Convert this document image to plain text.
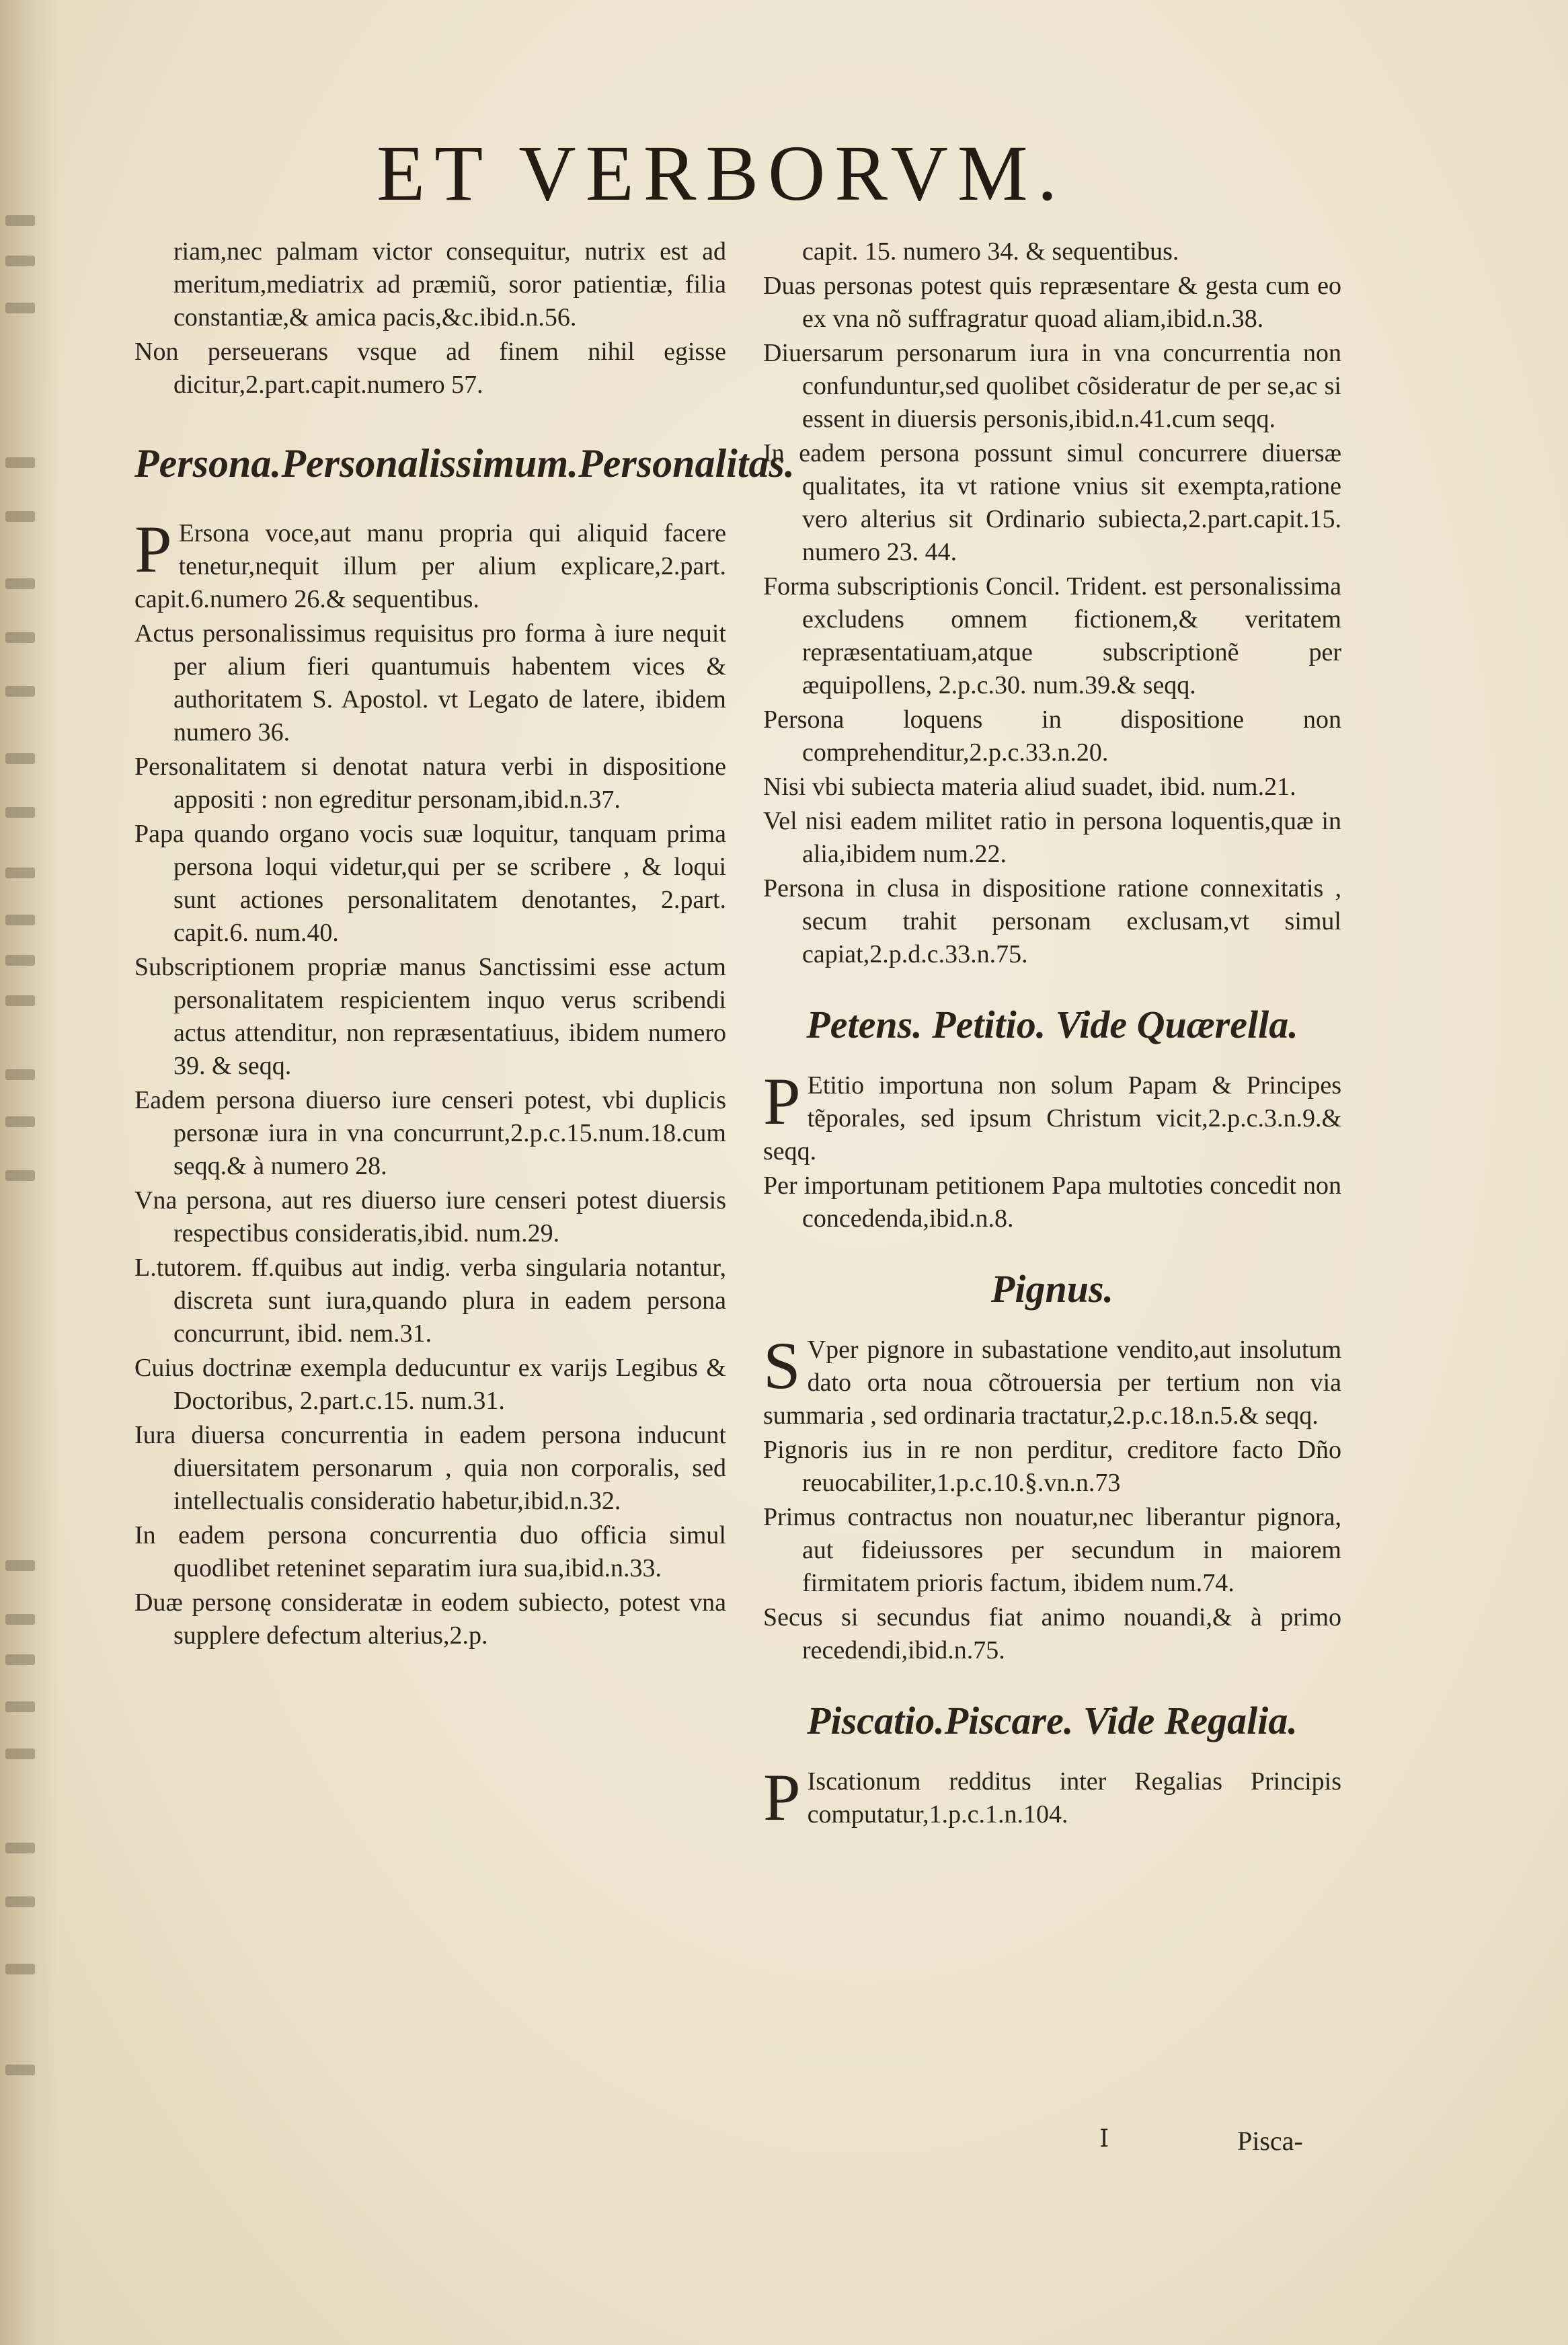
ET VERBORVM.

riam,nec palmam victor consequitur, nutrix est ad meritum,mediatrix ad præmiũ, soror patientiæ, filia constantiæ,& amica pacis,&c.ibid.n.56.

Non perseuerans vsque ad finem nihil egisse dicitur,2.part.capit.numero 57.

Persona.Personalissimum.Personalitas.

P Ersona voce,aut manu propria qui aliquid facere tenetur,nequit illum per alium explicare,2.part. capit.6.numero 26.& sequentibus.

Actus personalissimus requisitus pro forma à iure nequit per alium fieri quantumuis habentem vices & authoritatem S. Apostol. vt Legato de latere, ibidem numero 36.

Personalitatem si denotat natura verbi in dispositione appositi : non egreditur personam,ibid.n.37.

Papa quando organo vocis suæ loquitur, tanquam prima persona loqui videtur,qui per se scribere , & loqui sunt actiones personalitatem denotantes, 2.part. capit.6. num.40.

Subscriptionem propriæ manus Sanctissimi esse actum personalitatem respicientem inquo verus scribendi actus attenditur, non repræsentatiuus, ibidem numero 39. & seqq.

Eadem persona diuerso iure censeri potest, vbi duplicis personæ iura in vna concurrunt,2.p.c.15.num.18.cum seqq.& à numero 28.

Vna persona, aut res diuerso iure censeri potest diuersis respectibus consideratis,ibid. num.29.

L.tutorem. ff.quibus aut indig. verba singularia notantur, discreta sunt iura,quando plura in eadem persona concurrunt, ibid. nem.31.

Cuius doctrinæ exempla deducuntur ex varijs Legibus & Doctoribus, 2.part.c.15. num.31.

Iura diuersa concurrentia in eadem persona inducunt diuersitatem personarum , quia non corporalis, sed intellectualis consideratio habetur,ibid.n.32.

In eadem persona concurrentia duo officia simul quodlibet reteninet separatim iura sua,ibid.n.33.

Duæ personę consideratæ in eodem subiecto, potest vna supplere defectum alterius,2.p.

capit. 15. numero 34. & sequentibus.

Duas personas potest quis repræsentare & gesta cum eo ex vna nõ suffragratur quoad aliam,ibid.n.38.

Diuersarum personarum iura in vna concurrentia non confunduntur,sed quolibet cõsideratur de per se,ac si essent in diuersis personis,ibid.n.41.cum seqq.

In eadem persona possunt simul concurrere diuersæ qualitates, ita vt ratione vnius sit exempta,ratione vero alterius sit Ordinario subiecta,2.part.capit.15. numero 23. 44.

Forma subscriptionis Concil. Trident. est personalissima excludens omnem fictionem,& veritatem repræsentatiuam,atque subscriptionẽ per æquipollens, 2.p.c.30. num.39.& seqq.

Persona loquens in dispositione non comprehenditur,2.p.c.33.n.20.

Nisi vbi subiecta materia aliud suadet, ibid. num.21.

Vel nisi eadem militet ratio in persona loquentis,quæ in alia,ibidem num.22.

Persona in clusa in dispositione ratione connexitatis , secum trahit personam exclusam,vt simul capiat,2.p.d.c.33.n.75.

Petens. Petitio. Vide Quærella.

P Etitio importuna non solum Papam & Principes tẽporales, sed ipsum Christum vicit,2.p.c.3.n.9.& seqq.

Per importunam petitionem Papa multoties concedit non concedenda,ibid.n.8.

Pignus.

S Vper pignore in subastatione vendito,aut insolutum dato orta noua cõtrouersia per tertium non via summaria , sed ordinaria tractatur,2.p.c.18.n.5.& seqq.

Pignoris ius in re non perditur, creditore facto Dño reuocabiliter,1.p.c.10.§.vn.n.73

Primus contractus non nouatur,nec liberantur pignora, aut fideiussores per secundum in maiorem firmitatem prioris factum, ibidem num.74.

Secus si secundus fiat animo nouandi,& à primo recedendi,ibid.n.75.

Piscatio.Piscare. Vide Regalia.

P Iscationum redditus inter Regalias Principis computatur,1.p.c.1.n.104.

I	Pisca-
